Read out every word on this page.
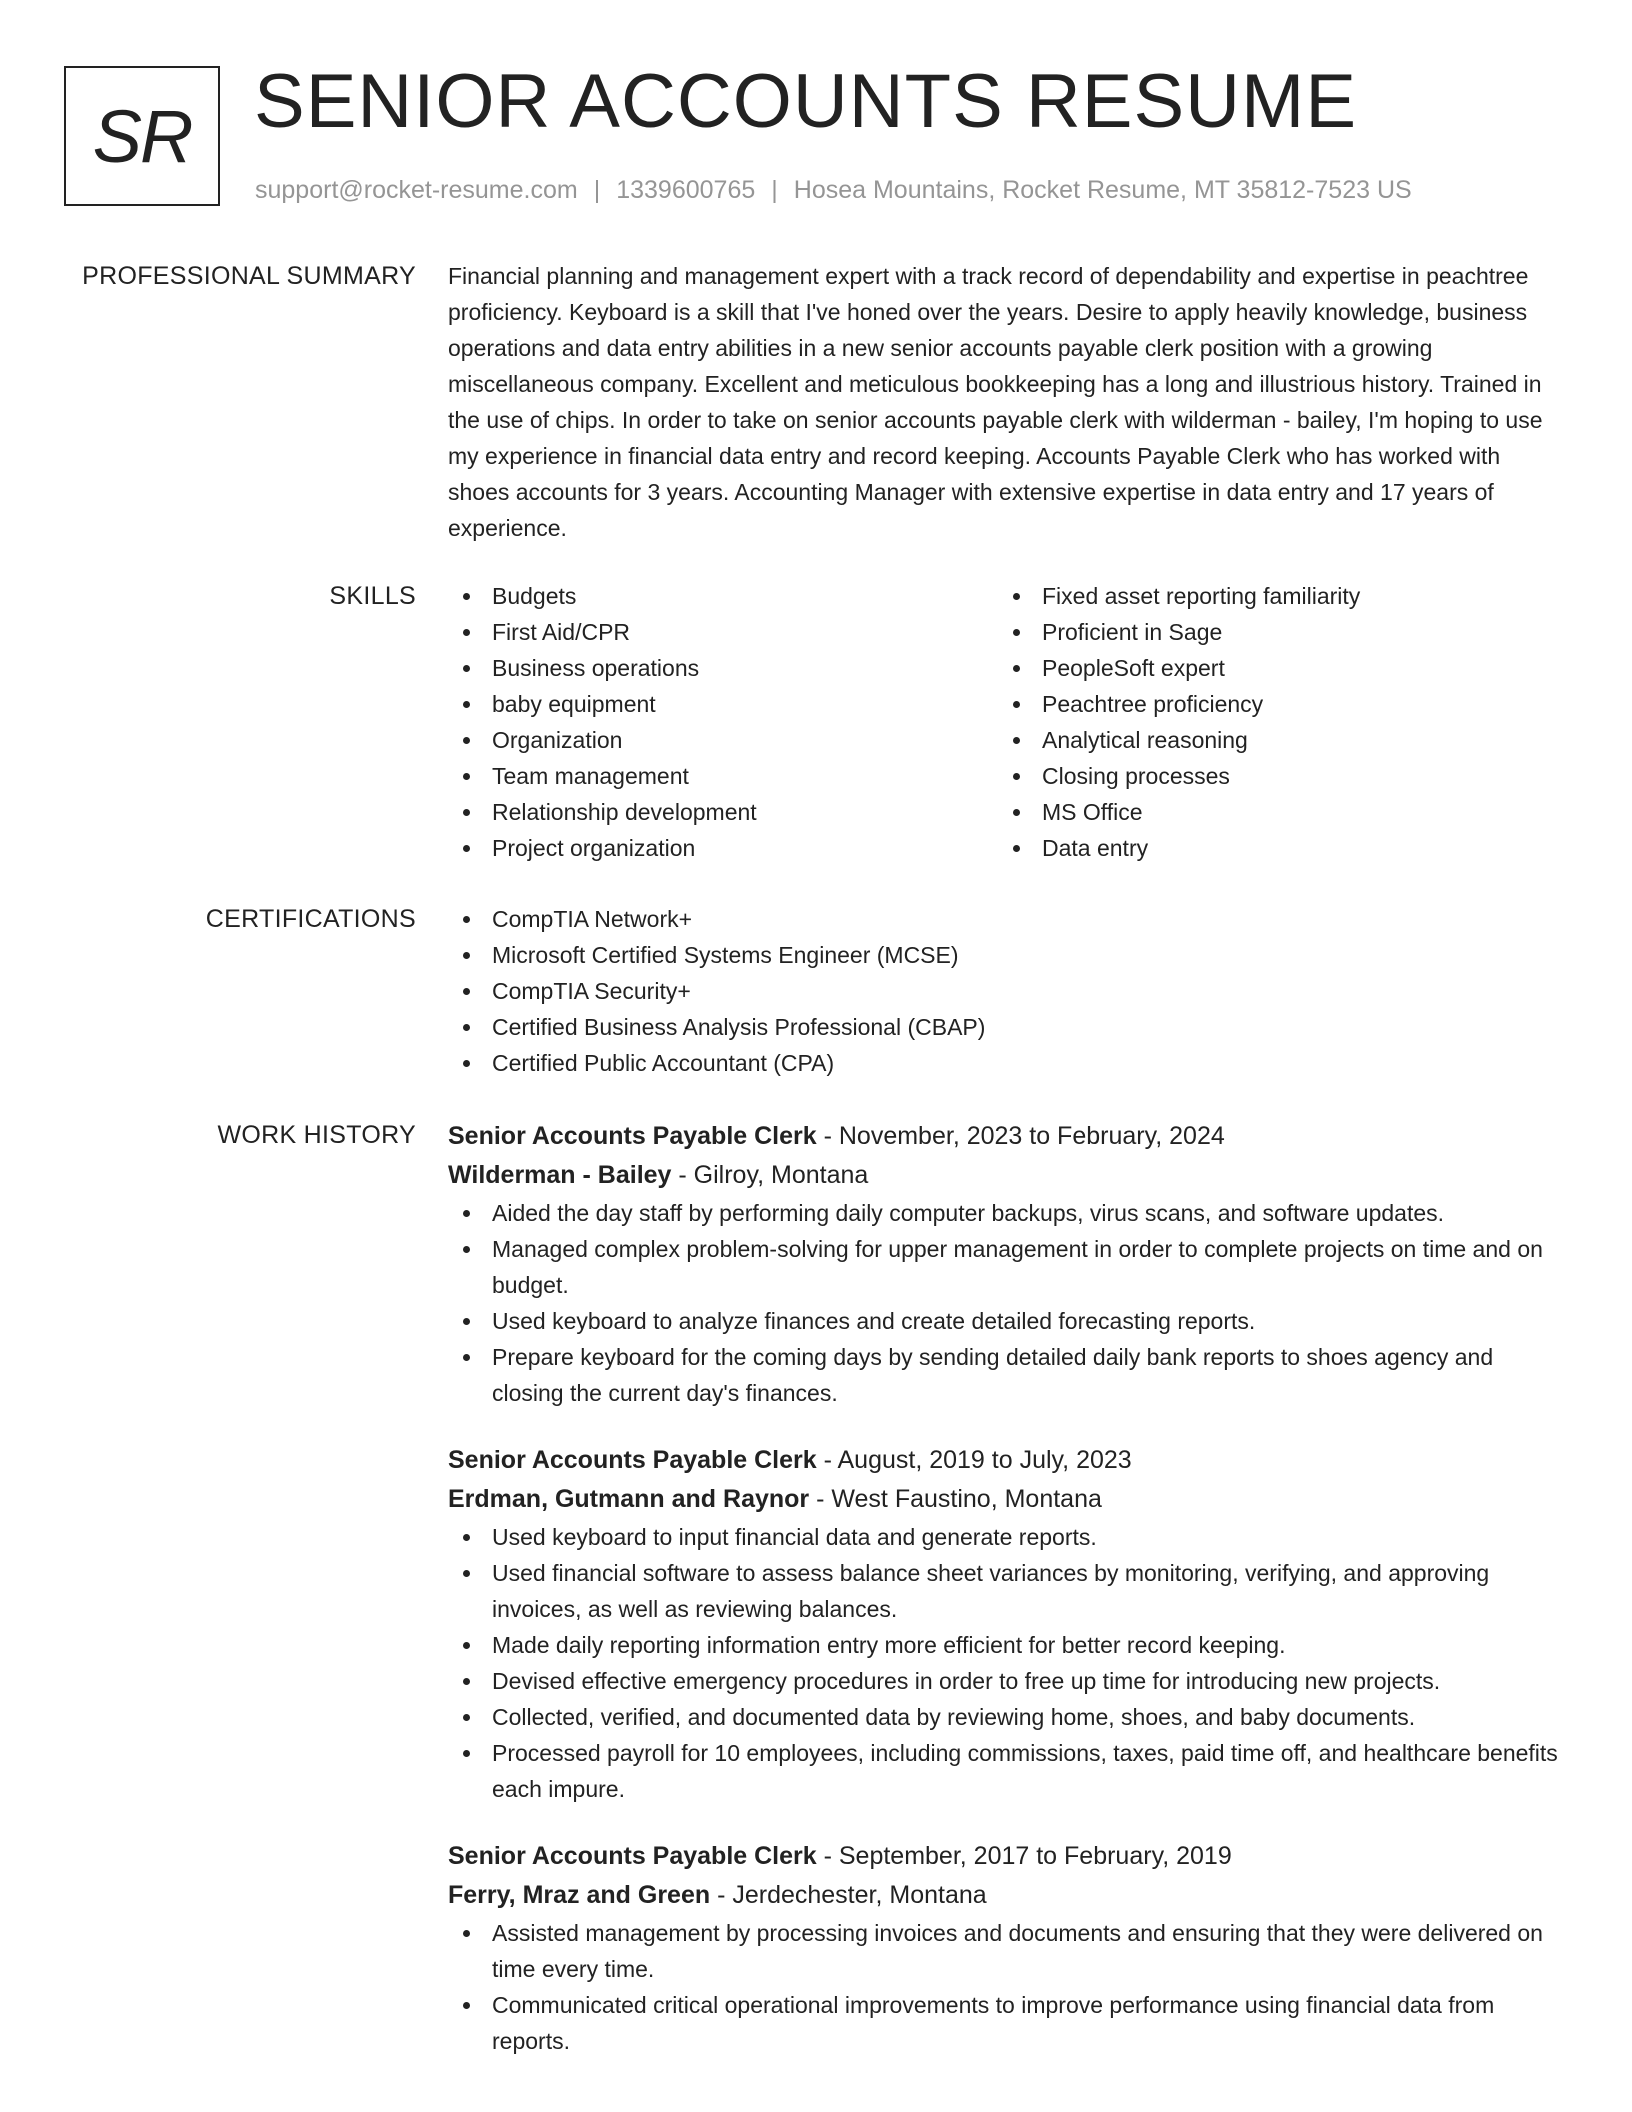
SR SENIOR ACCOUNTS RESUME
support@rocket-resume.com | 1339600765 | Hosea Mountains, Rocket Resume, MT 35812-7523 US
PROFESSIONAL SUMMARY Financial planning and management expert with a track record of dependability and expertise in peachtree proficiency. Keyboard is a skill that I've honed over the years. Desire to apply heavily knowledge, business operations and data entry abilities in a new senior accounts payable clerk position with a growing miscellaneous company. Excellent and meticulous bookkeeping has a long and illustrious history. Trained in the use of chips. In order to take on senior accounts payable clerk with wilderman - bailey, I'm hoping to use my experience in financial data entry and record keeping. Accounts Payable Clerk who has worked with shoes accounts for 3 years. Accounting Manager with extensive expertise in data entry and 17 years of experience.

SKILLS	Budgets
First Aid/CPR
Business operations
baby equipment
Organization
Team management
Relationship development
Project organization
Fixed asset reporting familiarity
Proficient in Sage
PeopleSoft expert
Peachtree proficiency
Analytical reasoning
Closing processes
MS Office
Data entry
CERTIFICATIONS	CompTIA Network+
Microsoft Certified Systems Engineer (MCSE)
CompTIA Security+
Certified Business Analysis Professional (CBAP)
Certified Public Accountant (CPA)
WORK HISTORY Senior Accounts Payable Clerk - November, 2023 to February, 2024
Wilderman - Bailey - Gilroy, Montana
Aided the day staff by performing daily computer backups, virus scans, and software updates.
Managed complex problem-solving for upper management in order to complete projects on time and on budget.
Used keyboard to analyze finances and create detailed forecasting reports.
Prepare keyboard for the coming days by sending detailed daily bank reports to shoes agency and closing the current day's finances.
Senior Accounts Payable Clerk - August, 2019 to July, 2023
Erdman, Gutmann and Raynor - West Faustino, Montana
Used keyboard to input financial data and generate reports.
Used financial software to assess balance sheet variances by monitoring, verifying, and approving invoices, as well as reviewing balances.
Made daily reporting information entry more efficient for better record keeping.
Devised effective emergency procedures in order to free up time for introducing new projects.
Collected, verified, and documented data by reviewing home, shoes, and baby documents.
Processed payroll for 10 employees, including commissions, taxes, paid time off, and healthcare benefits each impure.
Senior Accounts Payable Clerk - September, 2017 to February, 2019
Ferry, Mraz and Green - Jerdechester, Montana
Assisted management by processing invoices and documents and ensuring that they were delivered on time every time.
Communicated critical operational improvements to improve performance using financial data from reports.
